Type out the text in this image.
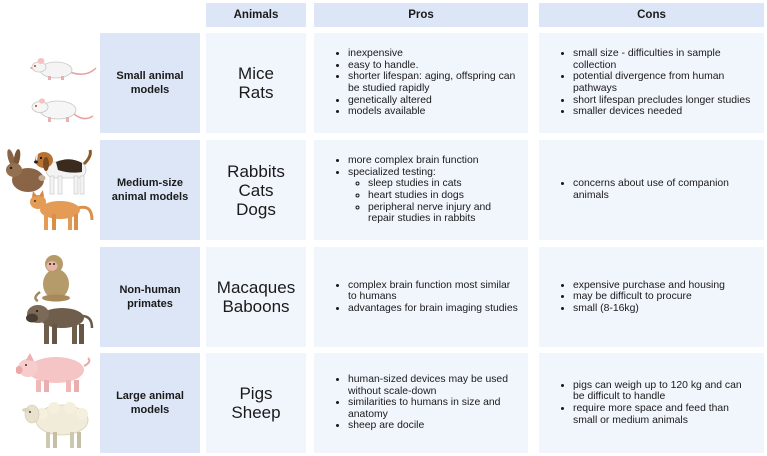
Animals	Pros	Cons
Small animal models
Mice
Rats
• inexpensive
• easy to handle.
• shorter lifespan: aging, offspring can be studied rapidly
• genetically altered
• models available
• small size - difficulties in sample collection
• potential divergence from human pathways
• short lifespan precludes longer studies
• smaller devices needed
Medium-size animal models
Rabbits
Cats
Dogs
• more complex brain function
• specialized testing:
◦ sleep studies in cats
◦ heart studies in dogs
◦ peripheral nerve injury and repair studies in rabbits
• concerns about use of companion animals
Non-human primates
Macaques
Baboons
• complex brain function most similar to humans
• advantages for brain imaging studies
• expensive purchase and housing
• may be difficult to procure
• small (8-16kg)
Large animal models
Pigs
Sheep
• human-sized devices may be used without scale-down
• similarities to humans in size and anatomy
• sheep are docile
• pigs can weigh up to 120 kg and can be difficult to handle
• require more space and feed than small or medium animals
